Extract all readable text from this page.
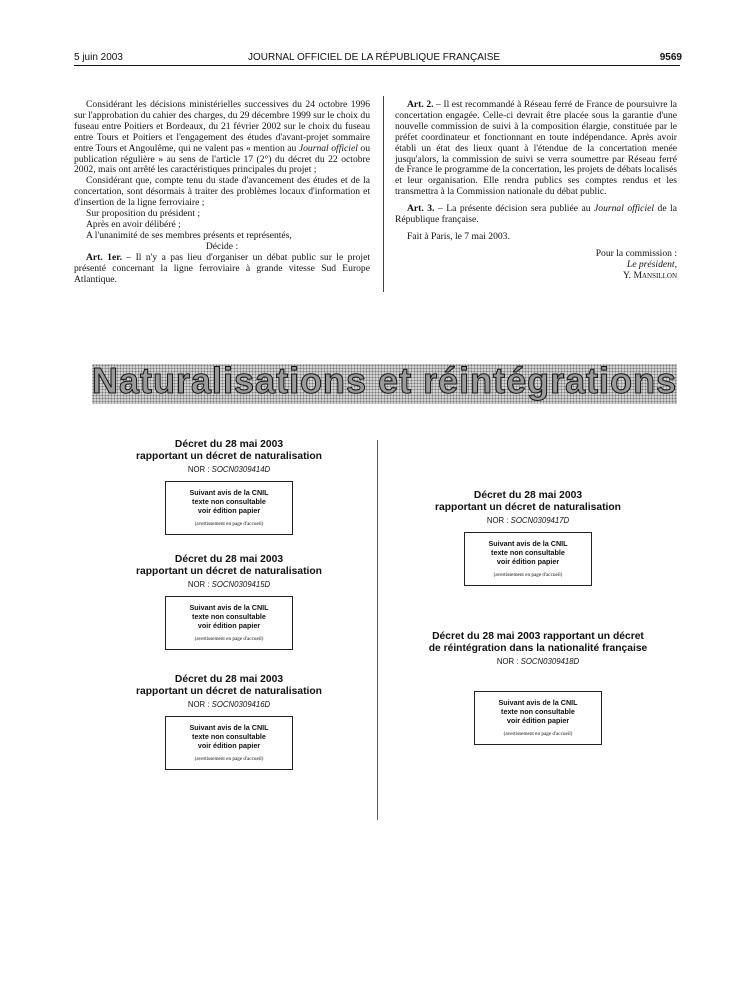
5 juin 2003	JOURNAL OFFICIEL DE LA RÉPUBLIQUE FRANÇAISE	9569

Considérant les décisions ministérielles successives du 24 octobre 1996 sur l'approbation du cahier des charges, du 29 décembre 1999 sur le choix du fuseau entre Poitiers et Bordeaux, du 21 février 2002 sur le choix du fuseau entre Tours et Poitiers et l'engagement des études d'avant-projet sommaire entre Tours et Angoulême, qui ne valent pas « mention au Journal officiel ou publication régulière » au sens de l'article 17 (2°) du décret du 22 octobre 2002, mais ont arrêté les caractéristiques principales du projet ;

Considérant que, compte tenu du stade d'avancement des études et de la concertation, sont désormais à traiter des problèmes locaux d'information et d'insertion de la ligne ferroviaire ;

Sur proposition du président ;

Après en avoir délibéré ;

A l'unanimité de ses membres présents et représentés,

Décide :

Art. 1er. – Il n'y a pas lieu d'organiser un débat public sur le projet présenté concernant la ligne ferroviaire à grande vitesse Sud Europe Atlantique.

Art. 2. – Il est recommandé à Réseau ferré de France de poursuivre la concertation engagée. Celle-ci devrait être placée sous la garantie d'une nouvelle commission de suivi à la composition élargie, constituée par le préfet coordinateur et fonctionnant en toute indépendance. Après avoir établi un état des lieux quant à l'étendue de la concertation menée jusqu'alors, la commission de suivi se verra soumettre par Réseau ferré de France le programme de la concertation, les projets de débats localisés et leur organisation. Elle rendra publics ses comptes rendus et les transmettra à la Commission nationale du débat public.

Art. 3. – La présente décision sera publiée au Journal officiel de la République française.

Fait à Paris, le 7 mai 2003.

Pour la commission :

Le président,

Y. Mansillon

Naturalisations et réintégrations
Décret du 28 mai 2003
rapportant un décret de naturalisation
NOR : SOCN0309414D
Suivant avis de la CNIL
texte non consultable
voir édition papier
(avertissement en page d'accueil)
Décret du 28 mai 2003
rapportant un décret de naturalisation
NOR : SOCN0309415D
Suivant avis de la CNIL
texte non consultable
voir édition papier
(avertissement en page d'accueil)
Décret du 28 mai 2003
rapportant un décret de naturalisation
NOR : SOCN0309416D
Suivant avis de la CNIL
texte non consultable
voir édition papier
(avertissement en page d'accueil)
Décret du 28 mai 2003
rapportant un décret de naturalisation
NOR : SOCN0309417D
Suivant avis de la CNIL
texte non consultable
voir édition papier
(avertissement en page d'accueil)
Décret du 28 mai 2003 rapportant un décret
de réintégration dans la nationalité française
NOR : SOCN0309418D
Suivant avis de la CNIL
texte non consultable
voir édition papier
(avertissement en page d'accueil)
